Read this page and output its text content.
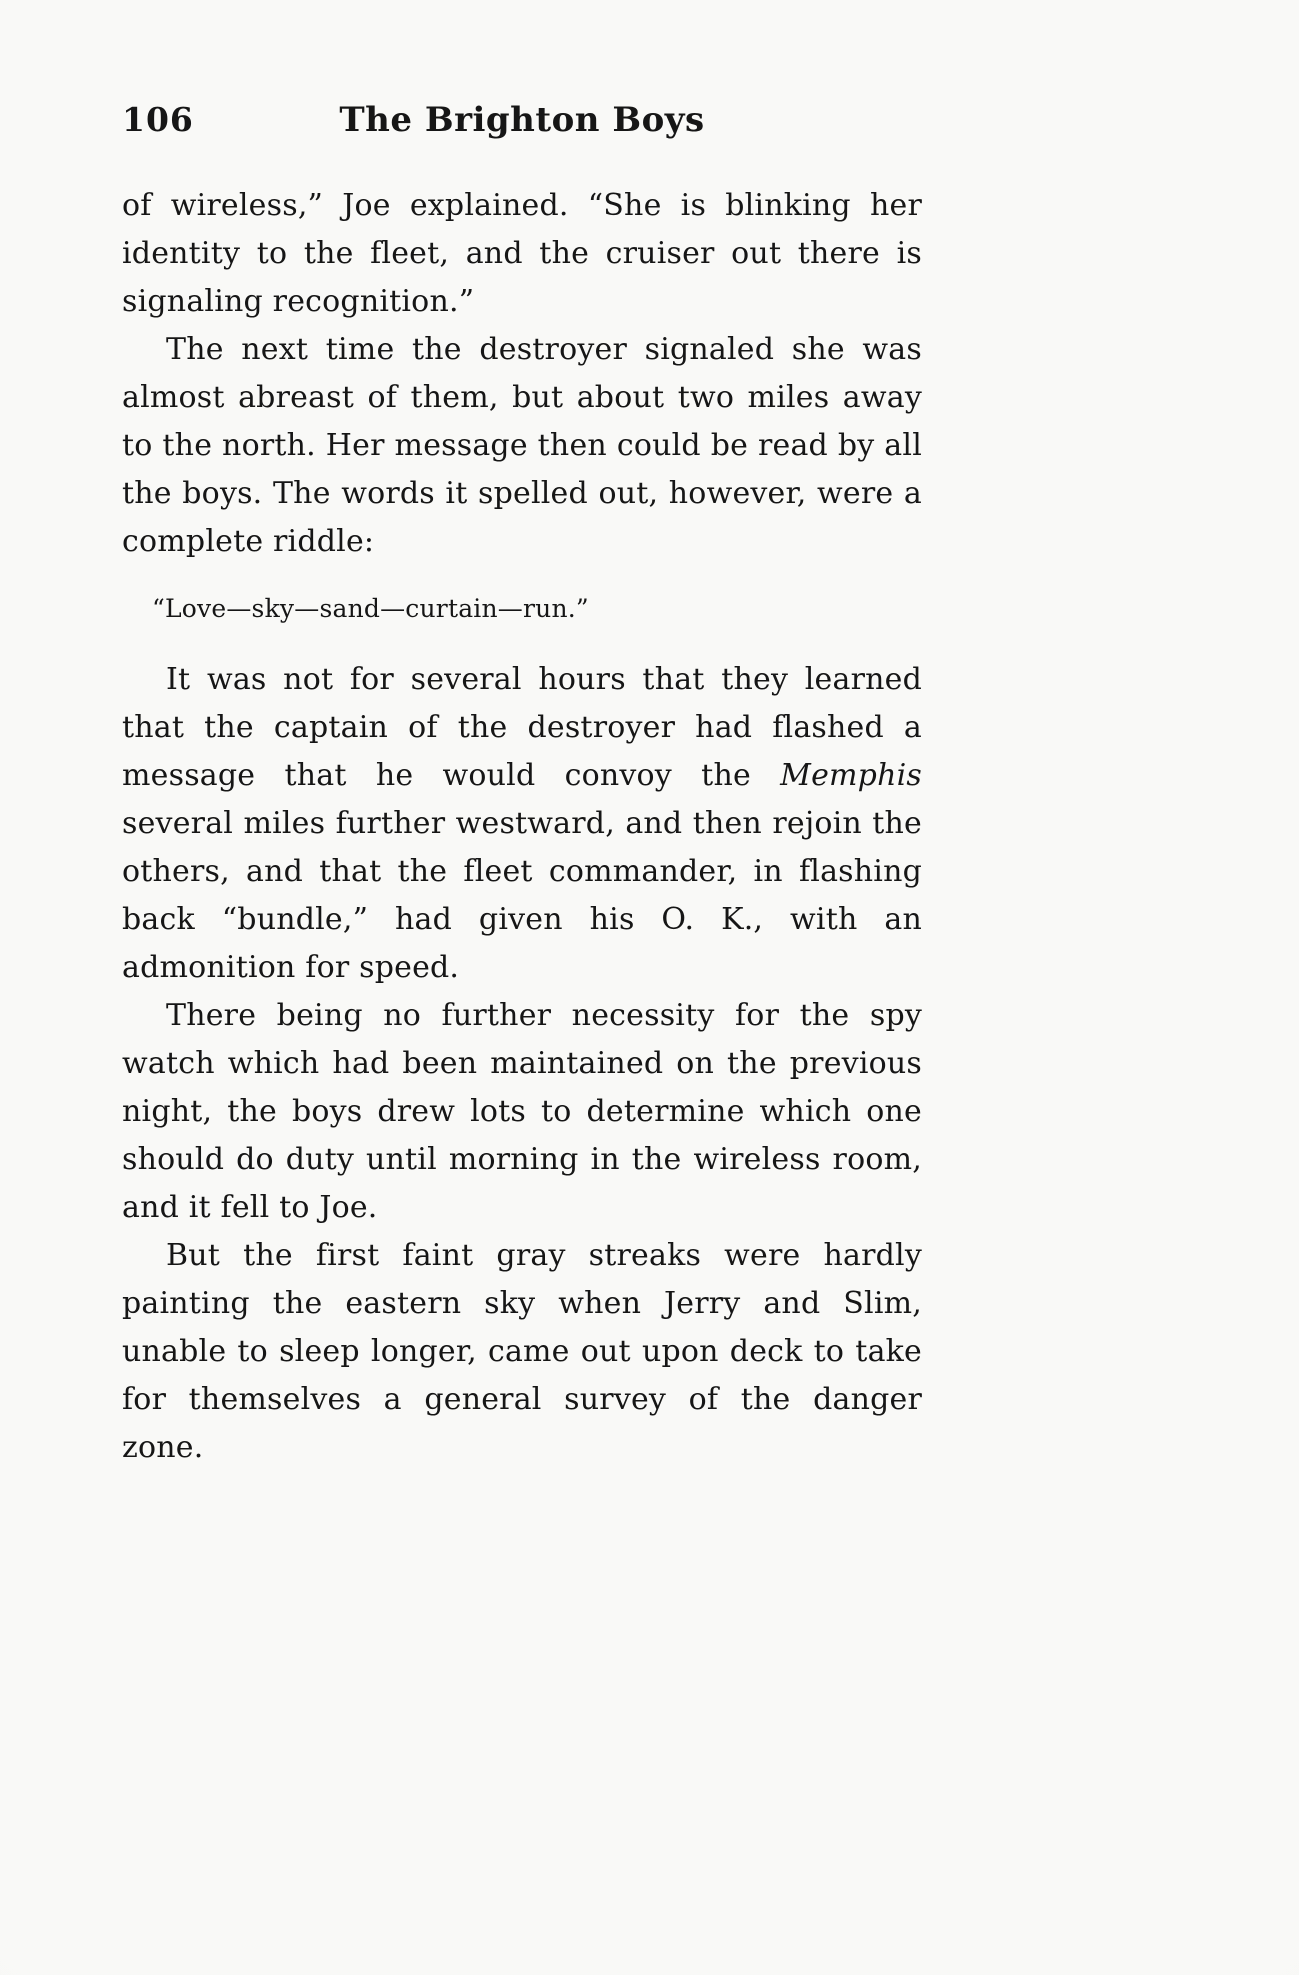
106	The Brighton Boys

of wireless,” Joe explained. “She is blinking her identity to the fleet, and the cruiser out there is signaling recognition.”

The next time the destroyer signaled she was almost abreast of them, but about two miles away to the north. Her message then could be read by all the boys. The words it spelled out, however, were a complete riddle:

“Love—sky—sand—curtain—run.”

It was not for several hours that they learned that the captain of the destroyer had flashed a message that he would convoy the Memphis several miles further westward, and then rejoin the others, and that the fleet commander, in flashing back “bundle,” had given his O. K., with an admonition for speed.

There being no further necessity for the spy watch which had been maintained on the previous night, the boys drew lots to determine which one should do duty until morning in the wireless room, and it fell to Joe.

But the first faint gray streaks were hardly painting the eastern sky when Jerry and Slim, unable to sleep longer, came out upon deck to take for themselves a general survey of the danger zone.
